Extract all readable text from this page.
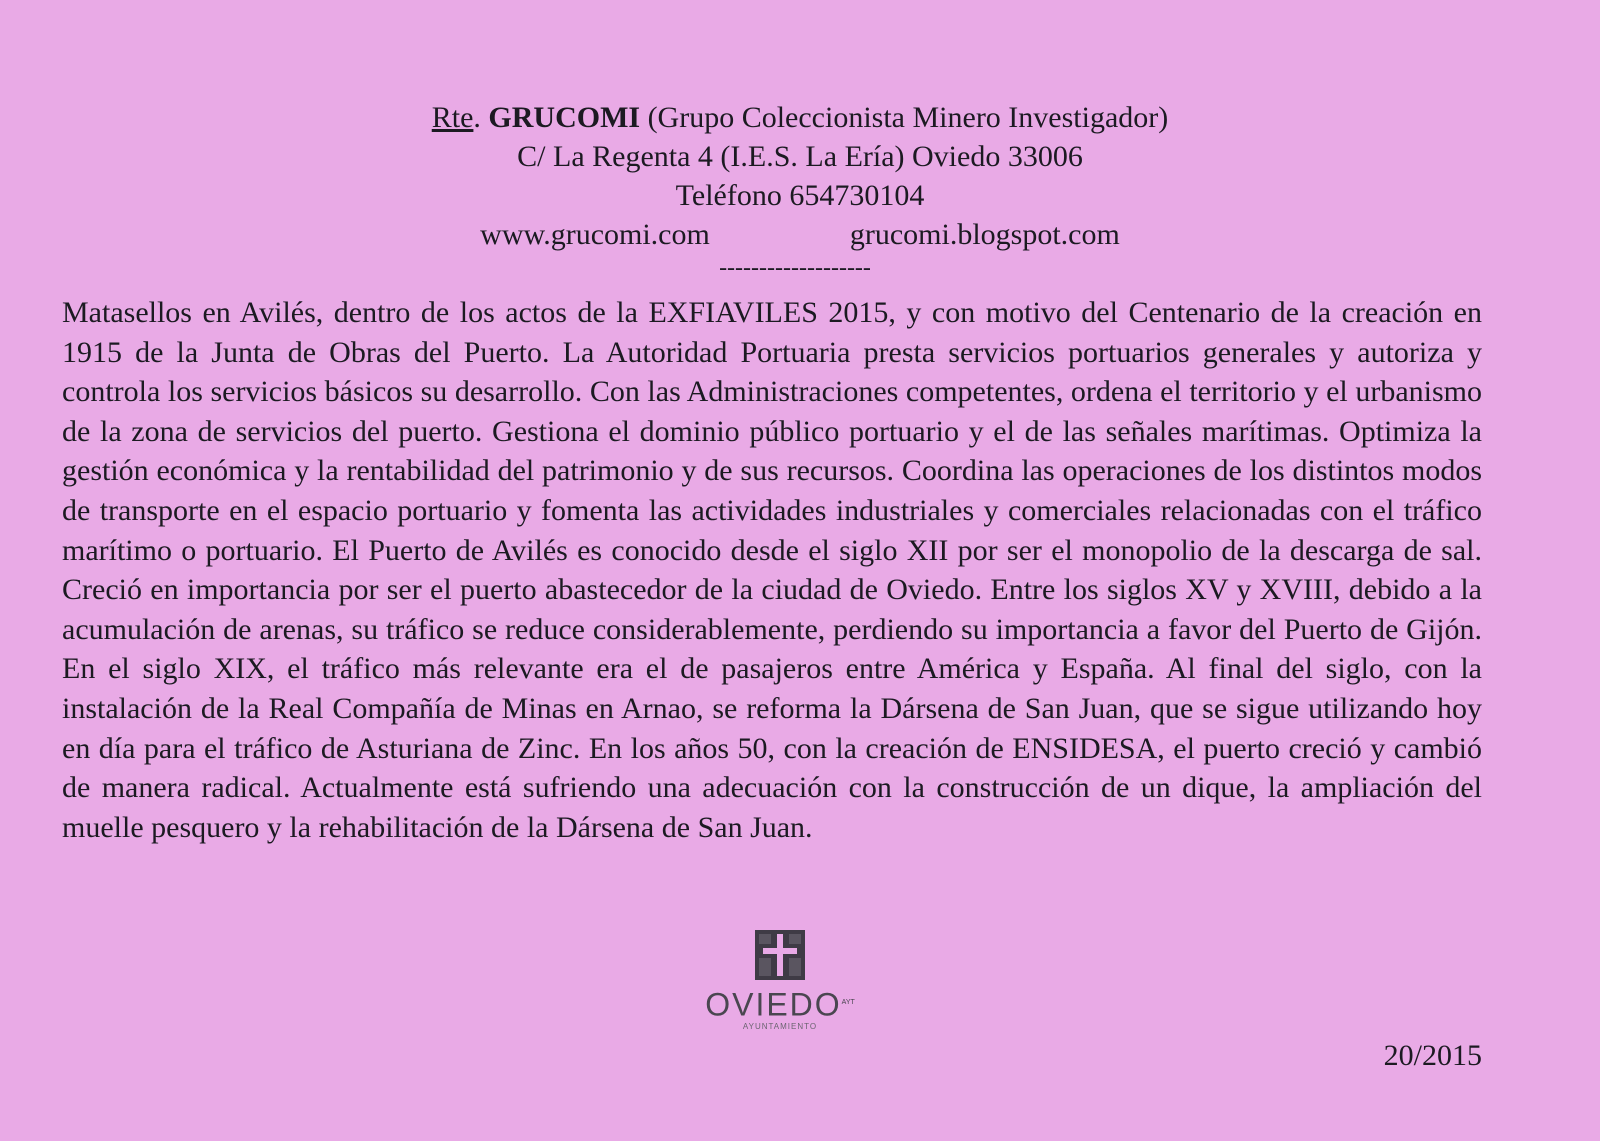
Rte. GRUCOMI (Grupo Coleccionista Minero Investigador)
C/ La Regenta 4 (I.E.S. La Ería) Oviedo 33006
Teléfono 654730104
www.grucomi.com	grucomi.blogspot.com
-------------------
Matasellos en Avilés, dentro de los actos de la EXFIAVILES 2015, y con motivo del Centenario de la creación en 1915 de la Junta de Obras del Puerto. La Autoridad Portuaria presta servicios portuarios generales y autoriza y controla los servicios básicos su desarrollo. Con las Administraciones competentes, ordena el territorio y el urbanismo de la zona de servicios del puerto. Gestiona el dominio público portuario y el de las señales marítimas. Optimiza la gestión económica y la rentabilidad del patrimonio y de sus recursos. Coordina las operaciones de los distintos modos de transporte en el espacio portuario y fomenta las actividades industriales y comerciales relacionadas con el tráfico marítimo o portuario. El Puerto de Avilés es conocido desde el siglo XII por ser el monopolio de la descarga de sal. Creció en importancia por ser el puerto abastecedor de la ciudad de Oviedo. Entre los siglos XV y XVIII, debido a la acumulación de arenas, su tráfico se reduce considerablemente, perdiendo su importancia a favor del Puerto de Gijón. En el siglo XIX, el tráfico más relevante era el de pasajeros entre América y España. Al final del siglo, con la instalación de la Real Compañía de Minas en Arnao, se reforma la Dársena de San Juan, que se sigue utilizando hoy en día para el tráfico de Asturiana de Zinc. En los años 50, con la creación de ENSIDESA, el puerto creció y cambió de manera radical. Actualmente está sufriendo una adecuación con la construcción de un dique, la ampliación del muelle pesquero y la rehabilitación de la Dársena de San Juan.
$OVIEDO^{AYT}$
AYUNTAMIENTO
20/2015
